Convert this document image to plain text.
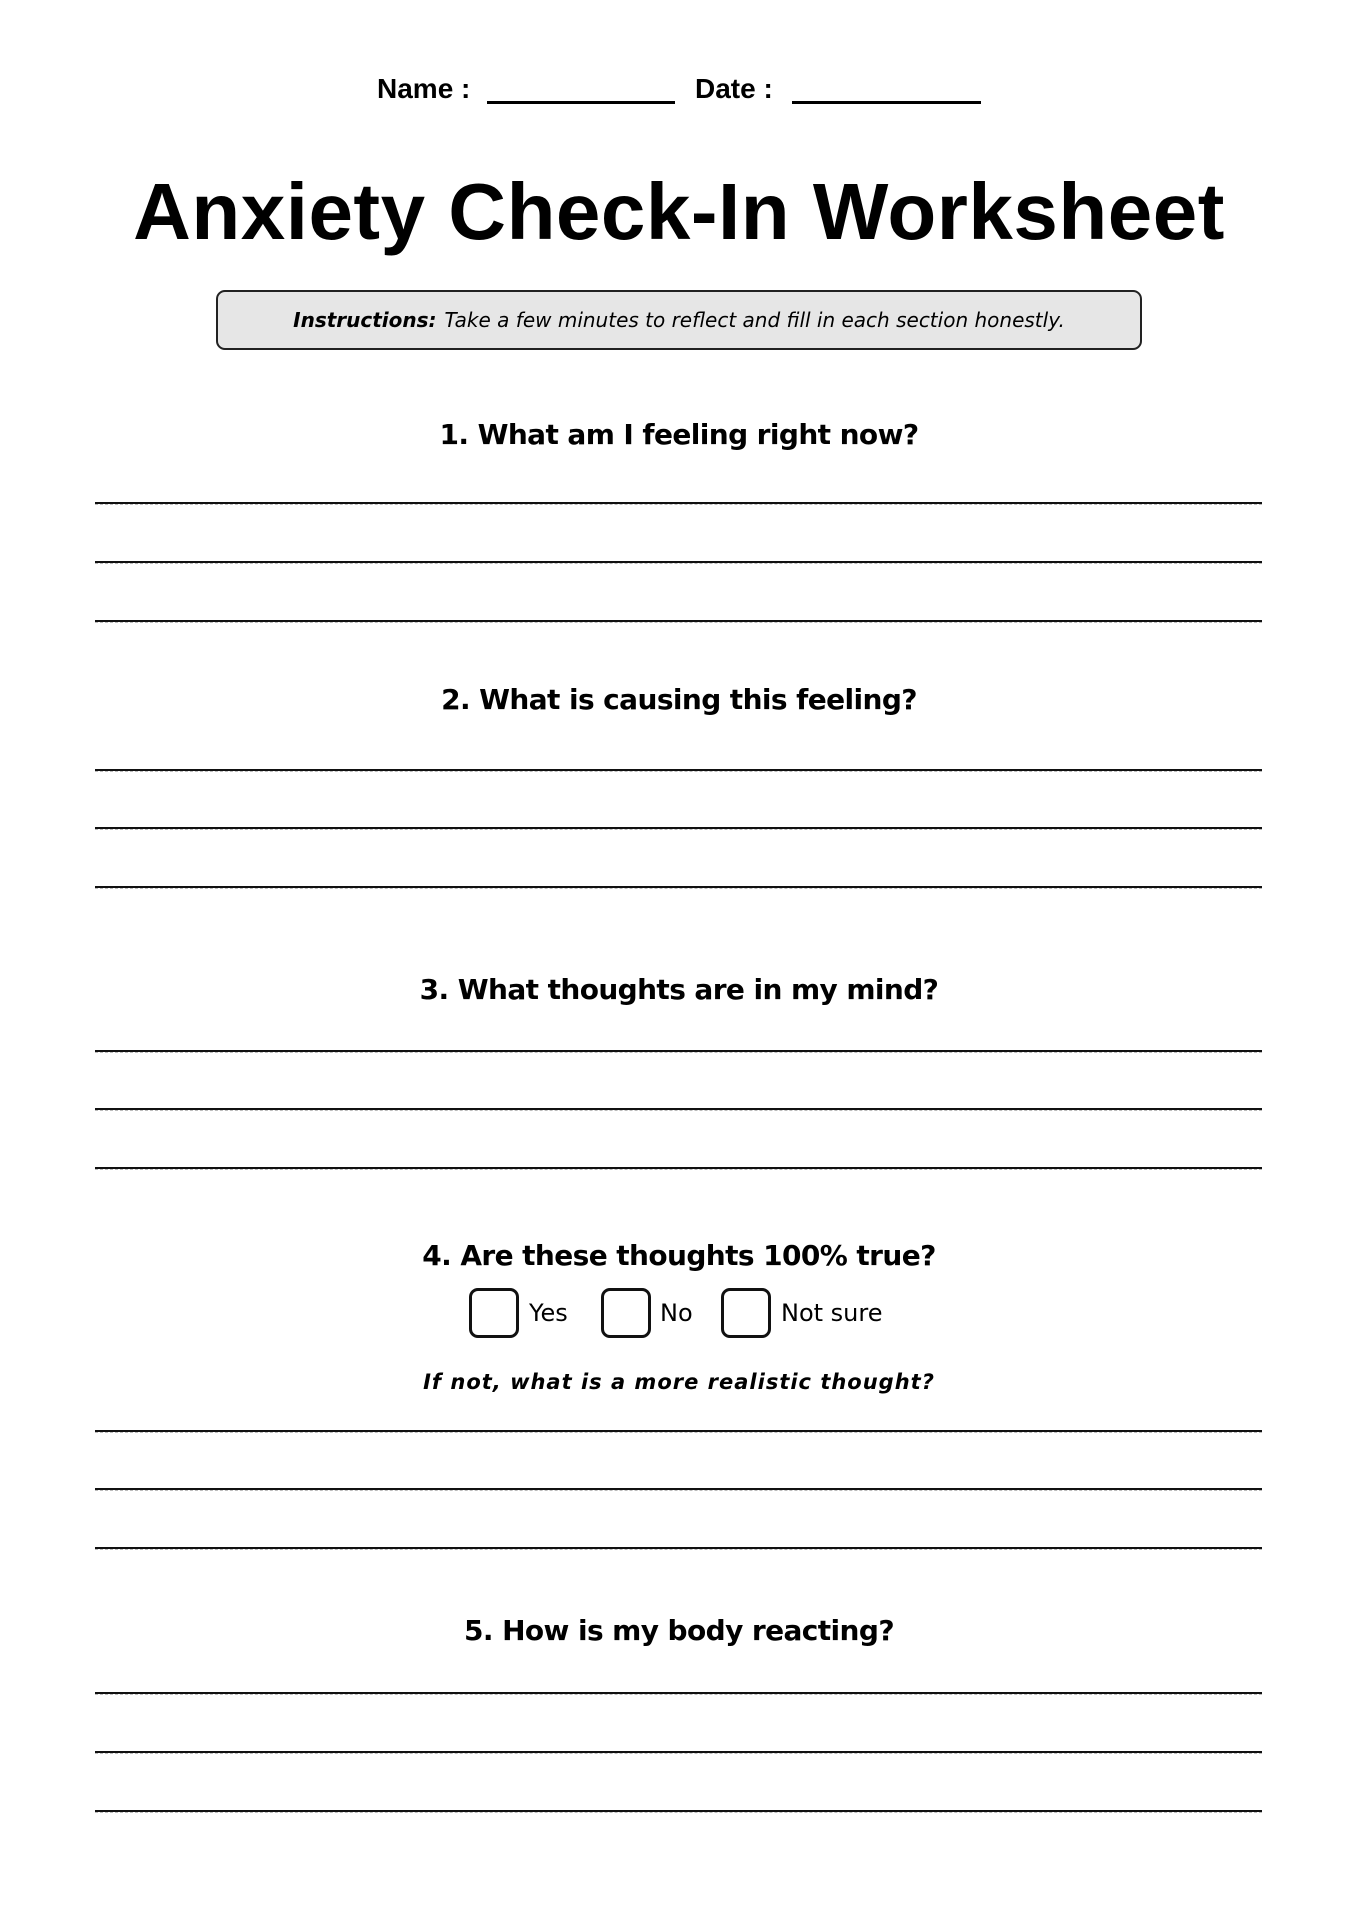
Name :	Date :
Anxiety Check-In Worksheet
Instructions: Take a few minutes to reflect and fill in each section honestly.
1. What am I feeling right now?
2. What is causing this feeling?
3. What thoughts are in my mind?
4. Are these thoughts 100% true?
Yes	No	Not sure
If not, what is a more realistic thought?
5. How is my body reacting?
